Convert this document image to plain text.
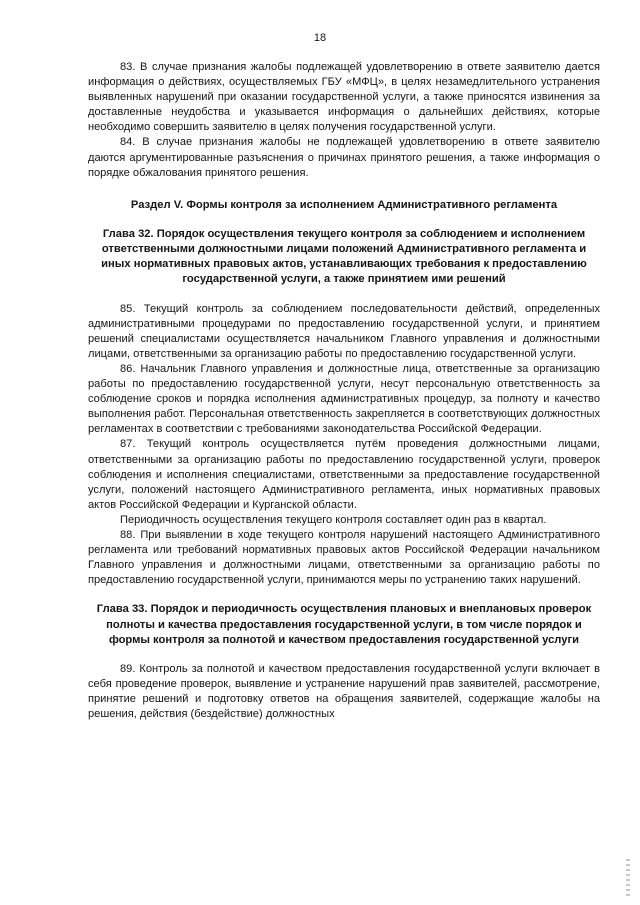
18

83. В случае признания жалобы подлежащей удовлетворению в ответе заявителю дается информация о действиях, осуществляемых ГБУ «МФЦ», в целях незамедлительного устранения выявленных нарушений при оказании государственной услуги, а также приносятся извинения за доставленные неудобства и указывается информация о дальнейших действиях, которые необходимо совершить заявителю в целях получения государственной услуги.

84. В случае признания жалобы не подлежащей удовлетворению в ответе заявителю даются аргументированные разъяснения о причинах принятого решения, а также информация о порядке обжалования принятого решения.

Раздел V. Формы контроля за исполнением Административного регламента
Глава 32. Порядок осуществления текущего контроля за соблюдением и исполнением ответственными должностными лицами положений Административного регламента и иных нормативных правовых актов, устанавливающих требования к предоставлению государственной услуги, а также принятием ими решений

85. Текущий контроль за соблюдением последовательности действий, определенных административными процедурами по предоставлению государственной услуги, и принятием решений специалистами осуществляется начальником Главного управления и должностными лицами, ответственными за организацию работы по предоставлению государственной услуги.

86. Начальник Главного управления и должностные лица, ответственные за организацию работы по предоставлению государственной услуги, несут персональную ответственность за соблюдение сроков и порядка исполнения административных процедур, за полноту и качество выполнения работ. Персональная ответственность закрепляется в соответствующих должностных регламентах в соответствии с требованиями законодательства Российской Федерации.

87. Текущий контроль осуществляется путём проведения должностными лицами, ответственными за организацию работы по предоставлению государственной услуги, проверок соблюдения и исполнения специалистами, ответственными за предоставление государственной услуги, положений настоящего Административного регламента, иных нормативных правовых актов Российской Федерации и Курганской области.

Периодичность осуществления текущего контроля составляет один раз в квартал.

88. При выявлении в ходе текущего контроля нарушений настоящего Административного регламента или требований нормативных правовых актов Российской Федерации начальником Главного управления и должностными лицами, ответственными за организацию работы по предоставлению государственной услуги, принимаются меры по устранению таких нарушений.

Глава 33. Порядок и периодичность осуществления плановых и внеплановых проверок полноты и качества предоставления государственной услуги, в том числе порядок и формы контроля за полнотой и качеством предоставления государственной услуги

89. Контроль за полнотой и качеством предоставления государственной услуги включает в себя проведение проверок, выявление и устранение нарушений прав заявителей, рассмотрение, принятие решений и подготовку ответов на обращения заявителей, содержащие жалобы на решения, действия (бездействие) должностных
